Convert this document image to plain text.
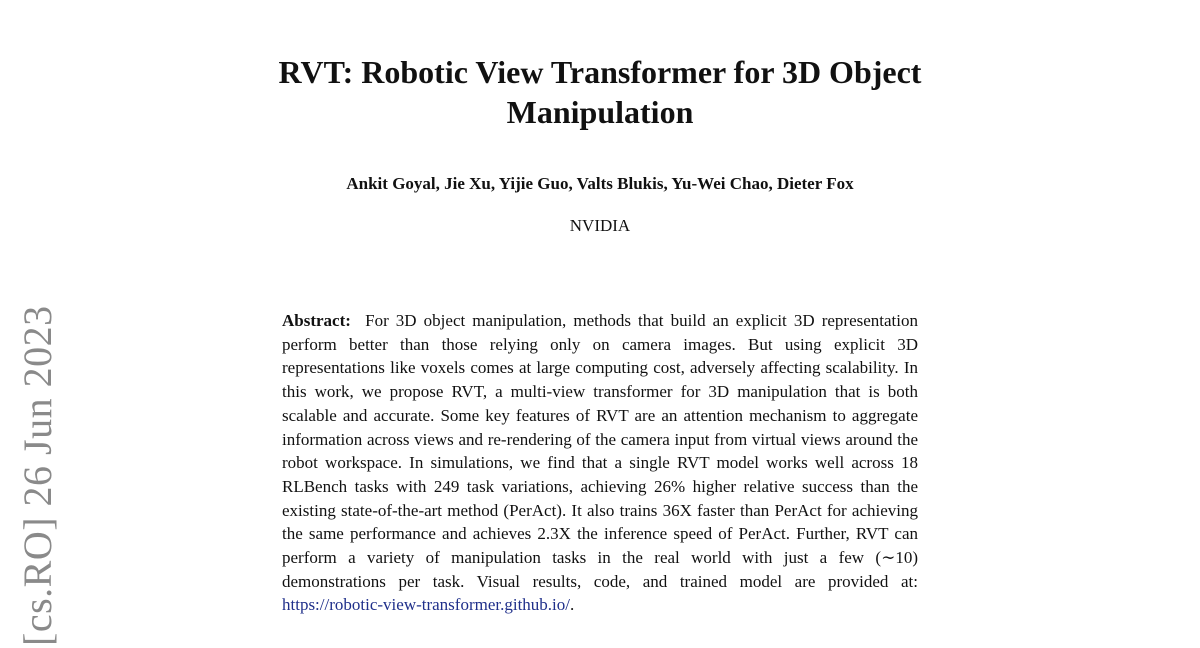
RVT: Robotic View Transformer for 3D Object Manipulation
Ankit Goyal, Jie Xu, Yijie Guo, Valts Blukis, Yu-Wei Chao, Dieter Fox
NVIDIA

Abstract: For 3D object manipulation, methods that build an explicit 3D representation perform better than those relying only on camera images. But using explicit 3D representations like voxels comes at large computing cost, adversely affecting scalability. In this work, we propose RVT, a multi-view transformer for 3D manipulation that is both scalable and accurate. Some key features of RVT are an attention mechanism to aggregate information across views and re-rendering of the camera input from virtual views around the robot workspace. In simulations, we find that a single RVT model works well across 18 RLBench tasks with 249 task variations, achieving 26% higher relative success than the existing state-of-the-art method (PerAct). It also trains 36X faster than PerAct for achieving the same performance and achieves 2.3X the inference speed of PerAct. Further, RVT can perform a variety of manipulation tasks in the real world with just a few (∼10) demonstrations per task. Visual results, code, and trained model are provided at: https://robotic-view-transformer.github.io/.

[cs.RO] 26 Jun 2023
